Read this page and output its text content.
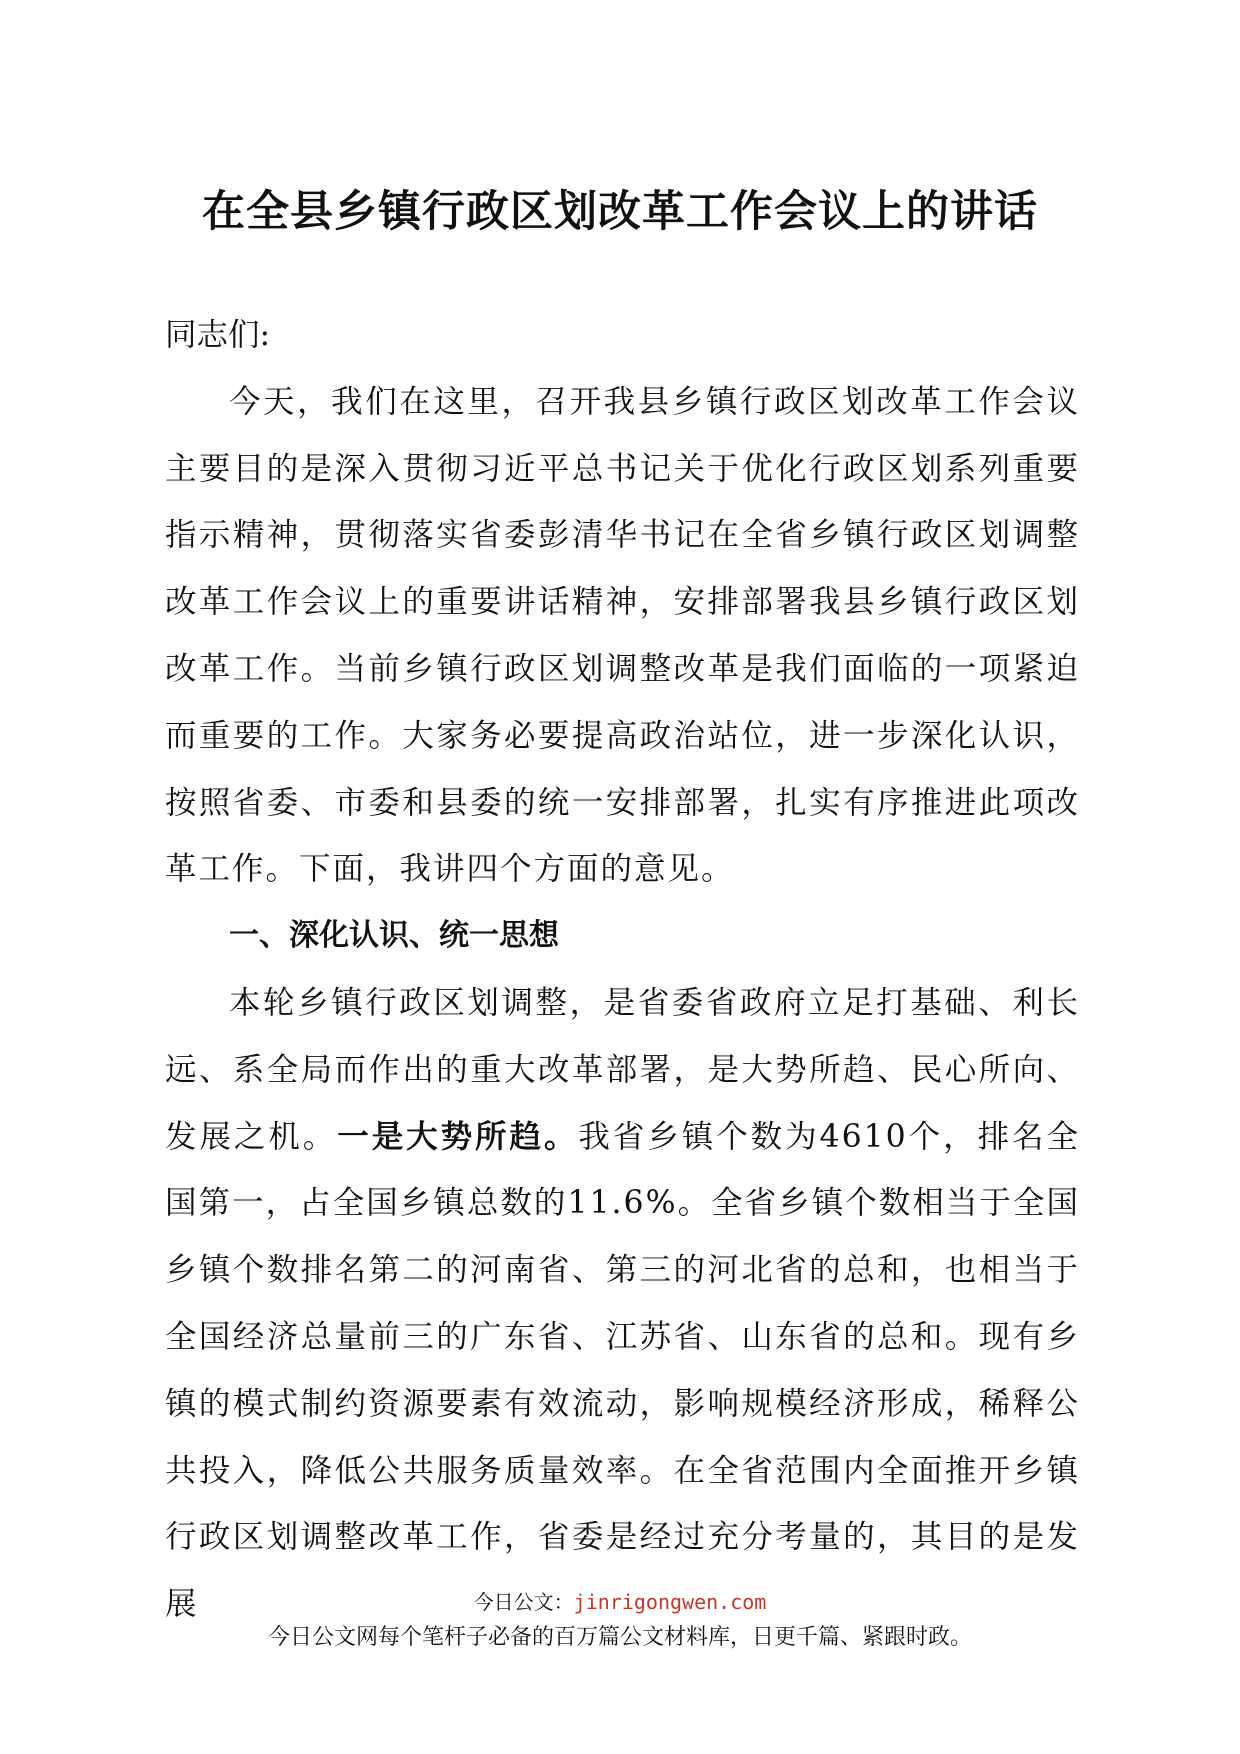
在全县乡镇行政区划改革工作会议上的讲话

同志们:

今天，我们在这里，召开我县乡镇行政区划改革工作会议主要目的是深入贯彻习近平总书记关于优化行政区划系列重要指示精神，贯彻落实省委彭清华书记在全省乡镇行政区划调整改革工作会议上的重要讲话精神，安排部署我县乡镇行政区划改革工作。当前乡镇行政区划调整改革是我们面临的一项紧迫而重要的工作。大家务必要提高政治站位，进一步深化认识，按照省委、市委和县委的统一安排部署，扎实有序推进此项改革工作。下面，我讲四个方面的意见。

一、深化认识、统一思想

本轮乡镇行政区划调整，是省委省政府立足打基础、利长远、系全局而作出的重大改革部署，是大势所趋、民心所向、发展之机。一是大势所趋。我省乡镇个数为4610个，排名全国第一，占全国乡镇总数的11.6%。全省乡镇个数相当于全国乡镇个数排名第二的河南省、第三的河北省的总和，也相当于全国经济总量前三的广东省、江苏省、山东省的总和。现有乡镇的模式制约资源要素有效流动，影响规模经济形成，稀释公共投入，降低公共服务质量效率。在全省范围内全面推开乡镇行政区划调整改革工作，省委是经过充分考量的，其目的是发展	今日公文：jinrigongwen.com
今日公文网每个笔杆子必备的百万篇公文材料库，日更千篇、紧跟时政。
